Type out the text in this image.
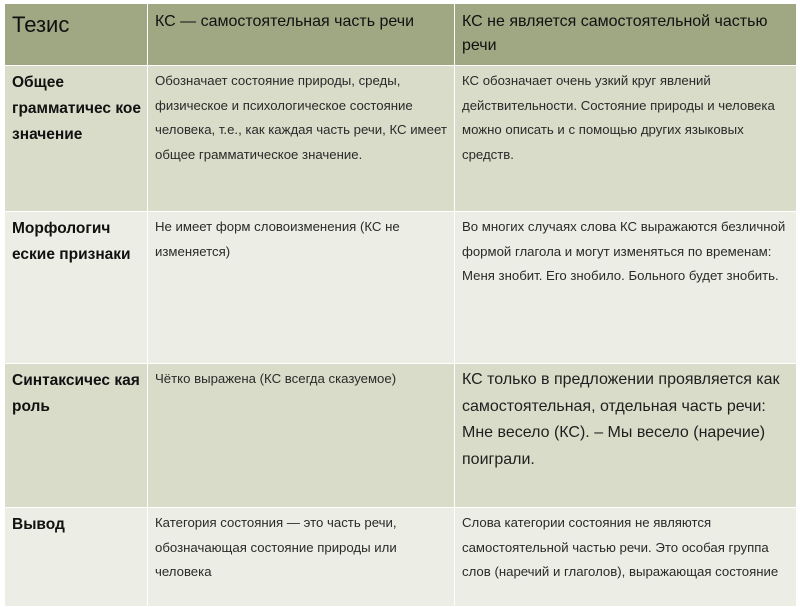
Тезис	КС — самостоятельная часть речи	КС не является самостоятельной частью речи
Общее грамматичес кое значение	Обозначает состояние природы, среды, физическое и психологическое состояние человека, т.е., как каждая часть речи, КС имеет общее грамматическое значение.	КС обозначает очень узкий круг явлений действительности. Состояние природы и человека можно описать и с помощью других языковых средств.
Морфологич еские признаки	Не имеет форм словоизменения (КС не изменяется)	Во многих случаях слова КС выражаются безличной формой глагола и могут изменяться по временам: Меня знобит. Его знобило. Больного будет знобить.
Синтаксичес кая роль	Чётко выражена (КС всегда сказуемое)	КС только в предложении проявляется как самостоятельная, отдельная часть речи: Мне весело (КС). – Мы весело (наречие) поиграли.
Вывод	Категория состояния — это часть речи, обозначающая состояние природы или человека	Слова категории состояния не являются самостоятельной частью речи. Это особая группа слов (наречий и глаголов), выражающая состояние
